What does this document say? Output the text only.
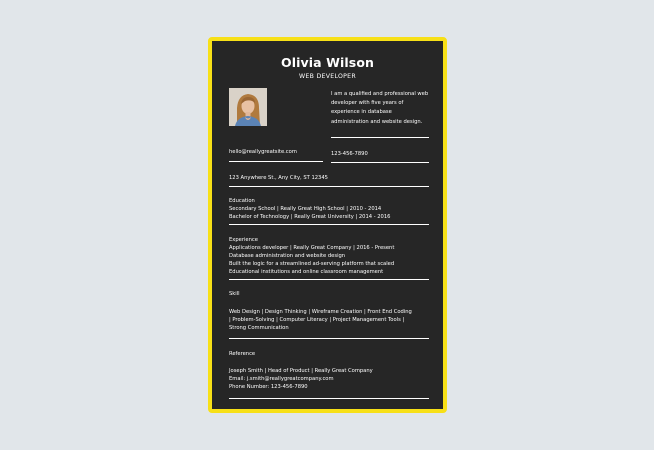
Olivia Wilson
WEB DEVELOPER
I am a qualified and professional web developer with five years of experience in database administration and website design.
hello@reallygreatsite.com	123-456-7890
123 Anywhere St., Any City, ST 12345
Education
Secondary School | Really Great High School | 2010 - 2014
Bachelor of Technology | Really Great University | 2014 - 2016
Experience
Applications developer | Really Great Company | 2016 - Present
Database administration and website design
Built the logic for a streamlined ad-serving platform that scaled
Educational institutions and online classroom management
Skill
Web Design | Design Thinking | Wireframe Creation | Front End Coding
| Problem-Solving | Computer Literacy | Project Management Tools |
Strong Communication
Reference
Joseph Smith | Head of Product | Really Great Company
Email: j.smith@reallygreatcompany.com
Phone Number: 123-456-7890
